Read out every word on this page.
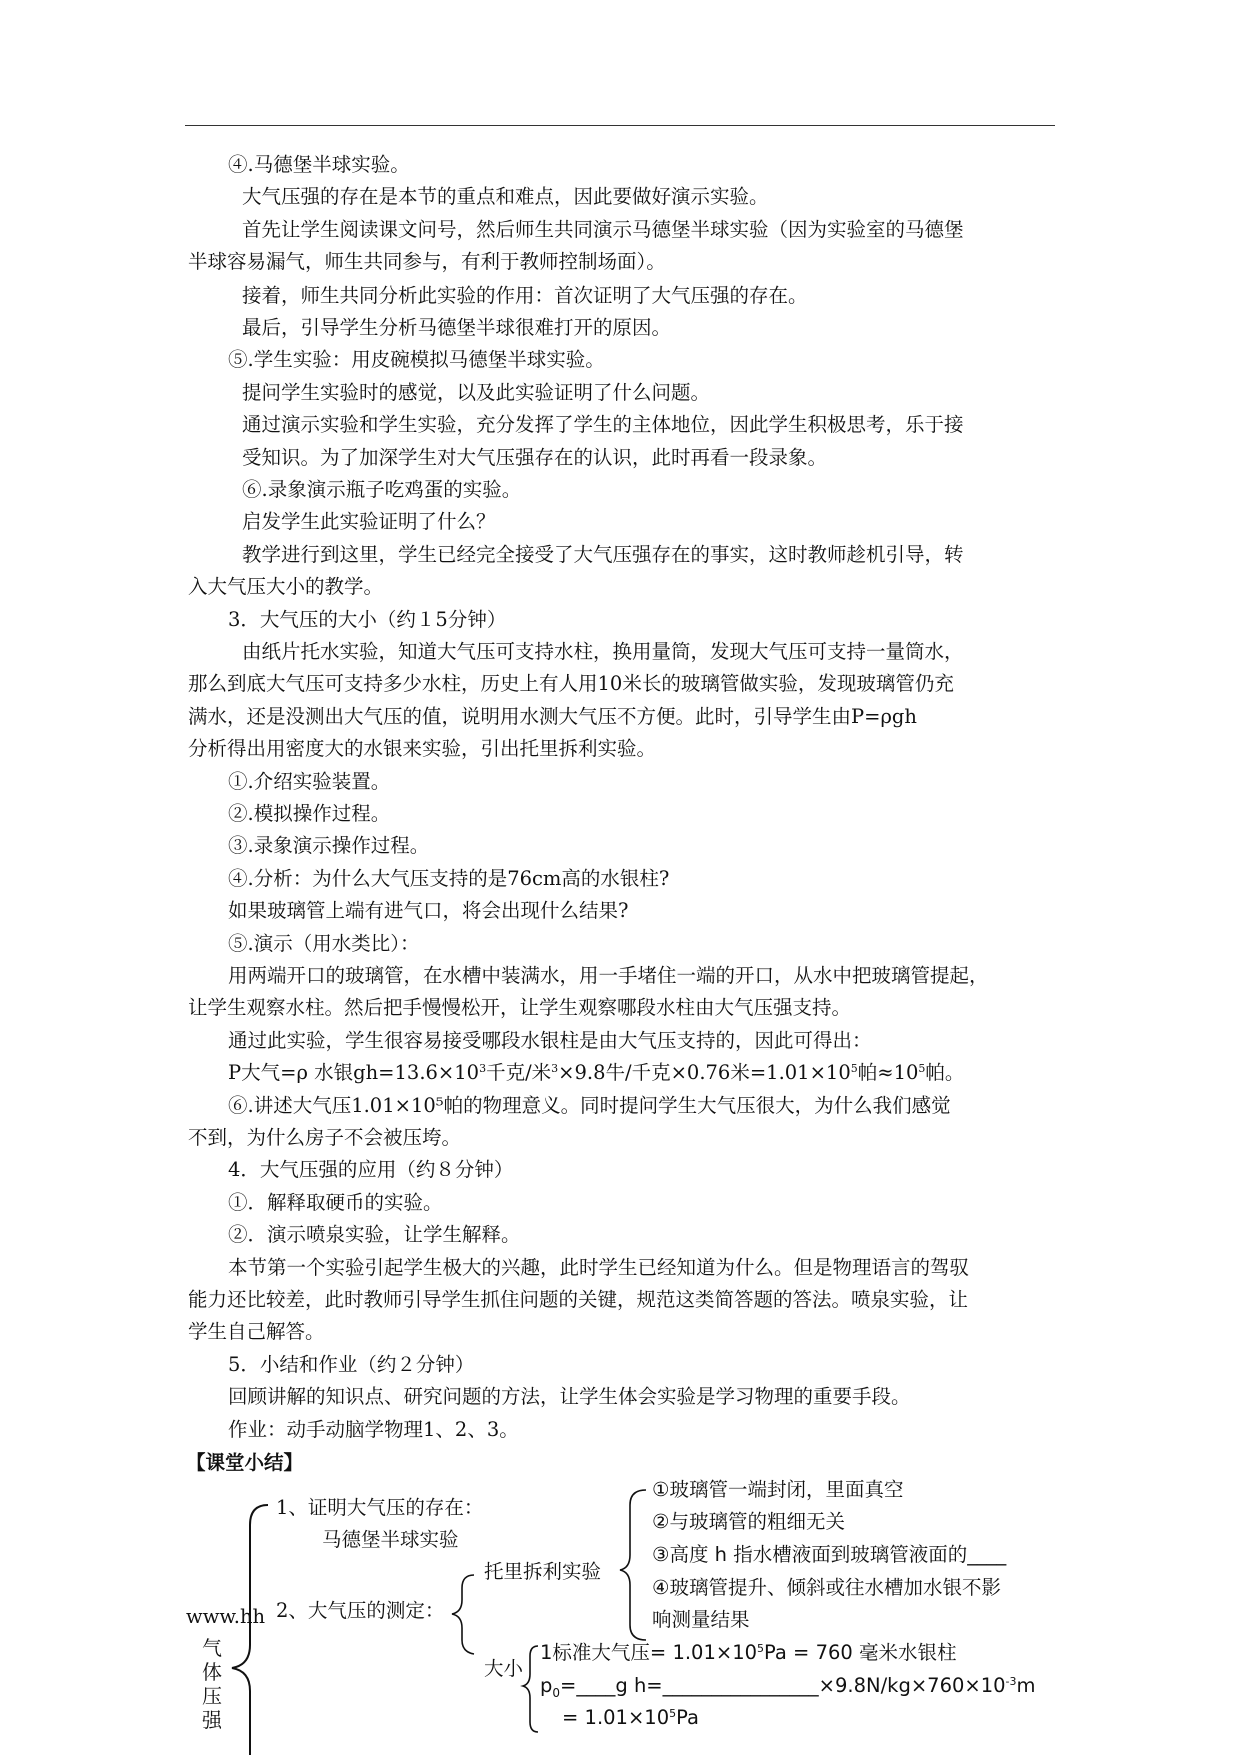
④.马德堡半球实验。
大气压强的存在是本节的重点和难点，因此要做好演示实验。
首先让学生阅读课文问号，然后师生共同演示马德堡半球实验（因为实验室的马德堡
半球容易漏气，师生共同参与，有利于教师控制场面）。
接着，师生共同分析此实验的作用：首次证明了大气压强的存在。
最后，引导学生分析马德堡半球很难打开的原因。
⑤.学生实验：用皮碗模拟马德堡半球实验。
提问学生实验时的感觉，以及此实验证明了什么问题。
通过演示实验和学生实验，充分发挥了学生的主体地位，因此学生积极思考，乐于接
受知识。为了加深学生对大气压强存在的认识，此时再看一段录象。
⑥.录象演示瓶子吃鸡蛋的实验。
启发学生此实验证明了什么？
教学进行到这里，学生已经完全接受了大气压强存在的事实，这时教师趁机引导，转
入大气压大小的教学。
3．大气压的大小（约１5分钟）
由纸片托水实验，知道大气压可支持水柱，换用量筒，发现大气压可支持一量筒水，
那么到底大气压可支持多少水柱，历史上有人用10米长的玻璃管做实验，发现玻璃管仍充
满水，还是没测出大气压的值，说明用水测大气压不方便。此时，引导学生由P=ρgh
分析得出用密度大的水银来实验，引出托里拆利实验。
①.介绍实验装置。
②.模拟操作过程。
③.录象演示操作过程。
④.分析：为什么大气压支持的是76cm高的水银柱?
如果玻璃管上端有进气口，将会出现什么结果?
⑤.演示（用水类比）：
用两端开口的玻璃管，在水槽中装满水，用一手堵住一端的开口，从水中把玻璃管提起，
让学生观察水柱。然后把手慢慢松开，让学生观察哪段水柱由大气压强支持。
通过此实验，学生很容易接受哪段水银柱是由大气压支持的，因此可得出：
P大气=ρ 水银$gh=13.6\times 10^3$千克/米$^3$×9.8牛/千克×0.76米$=1.01\times 10^5$帕$\approx 10^5$帕。
⑥.讲述大气压1.01×10⁵帕的物理意义。同时提问学生大气压很大，为什么我们感觉
不到，为什么房子不会被压垮。
4．大气压强的应用（约８分钟）
①．解释取硬币的实验。
②．演示喷泉实验，让学生解释。
本节第一个实验引起学生极大的兴趣，此时学生已经知道为什么。但是物理语言的驾驭
能力还比较差，此时教师引导学生抓住问题的关键，规范这类简答题的答法。喷泉实验，让
学生自己解答。
5．小结和作业（约２分钟）
回顾讲解的知识点、研究问题的方法，让学生体会实验是学习物理的重要手段。
作业：动手动脑学物理1、2、3。
【课堂小结】
气
体
压
强
www.hh
1、证明大气压的存在：
马德堡半球实验
2、大气压的测定：
托里拆利实验
①玻璃管一端封闭，里面真空
②与玻璃管的粗细无关
③高度 h 指水槽液面到玻璃管液面的____
④玻璃管提升、倾斜或往水槽加水银不影
响测量结果
大小
1标准大气压= $1.01\times 10^5Pa = 760$ 毫米水银柱
$p_0=\_\_\_\_g$ $h=\_\_\_\_\_\_\_\_\_\_\_\_\_\_\_\_\times 9.8N/kg\times 760\times 10^{-3}m$
= $1.01\times 10^5Pa$
